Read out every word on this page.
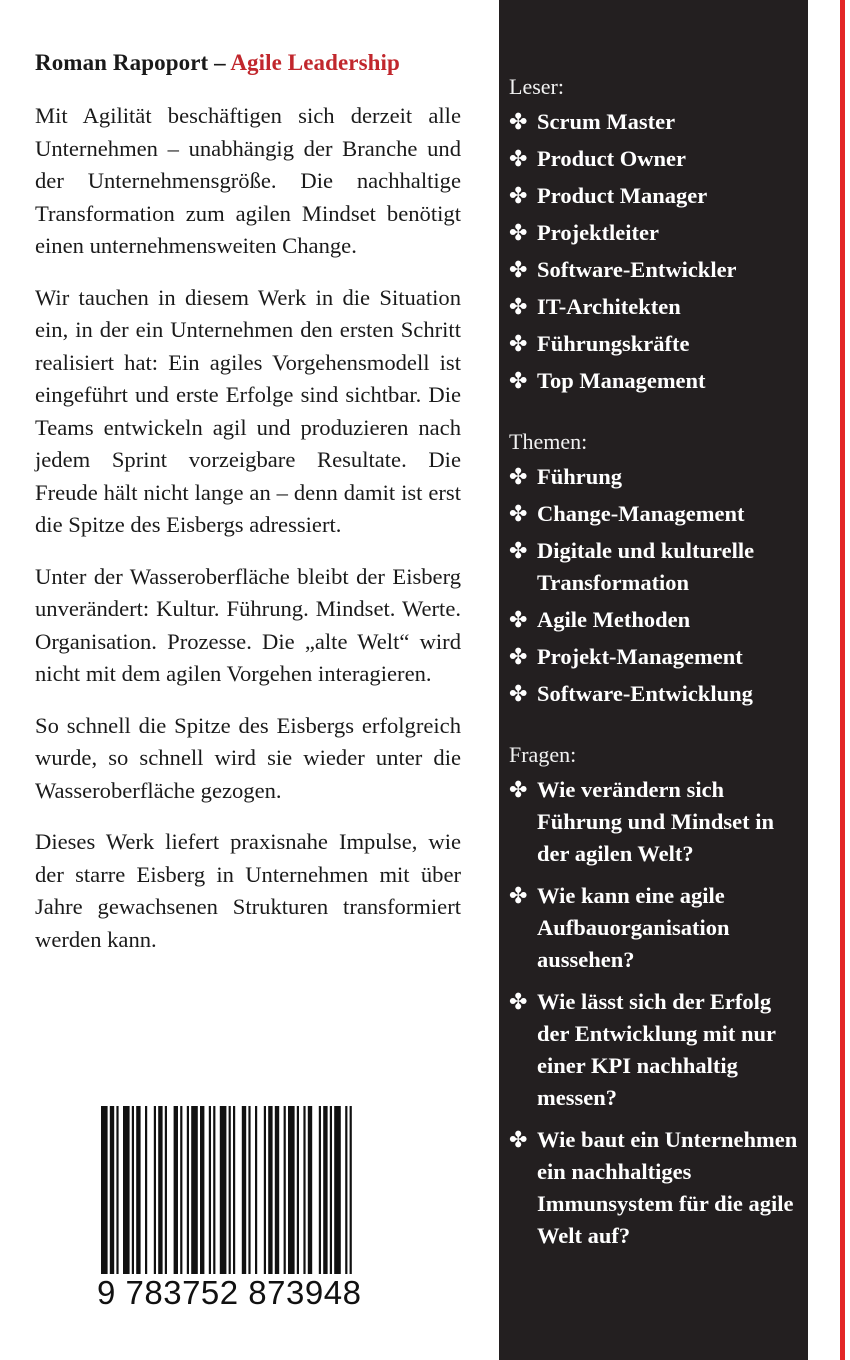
Roman Rapoport – Agile Leadership

Mit Agilität beschäftigen sich derzeit alle Unternehmen – unabhängig der Branche und der Unternehmensgröße. Die nachhaltige Transformation zum agilen Mindset benötigt einen unternehmensweiten Change.

Wir tauchen in diesem Werk in die Situation ein, in der ein Unternehmen den ersten Schritt realisiert hat: Ein agiles Vorgehensmodell ist eingeführt und erste Erfolge sind sichtbar. Die Teams entwickeln agil und produzieren nach jedem Sprint vorzeigbare Resultate. Die Freude hält nicht lange an – denn damit ist erst die Spitze des Eisbergs adressiert.

Unter der Wasseroberfläche bleibt der Eisberg unverändert: Kultur. Führung. Mindset. Werte. Organisation. Prozesse. Die „alte Welt“ wird nicht mit dem agilen Vorgehen interagieren.

So schnell die Spitze des Eisbergs erfolgreich wurde, so schnell wird sie wieder unter die Wasseroberfläche gezogen.

Dieses Werk liefert praxisnahe Impulse, wie der starre Eisberg in Unternehmen mit über Jahre gewachsenen Strukturen transformiert werden kann.

9 783752 873948
Leser:
✤ Scrum Master
✤ Product Owner
✤ Product Manager
✤ Projektleiter
✤ Software-Entwickler
✤ IT-Architekten
✤ Führungskräfte
✤ Top Management
Themen:
✤ Führung
✤ Change-Management
✤ Digitale und kulturelle Transformation
✤ Agile Methoden
✤ Projekt-Management
✤ Software-Entwicklung
Fragen:
✤ Wie verändern sich Führung und Mindset in der agilen Welt?
✤ Wie kann eine agile Aufbauorganisation aussehen?
✤ Wie lässt sich der Erfolg der Entwicklung mit nur einer KPI nachhaltig messen?
✤ Wie baut ein Unternehmen ein nachhaltiges Immunsystem für die agile Welt auf?
